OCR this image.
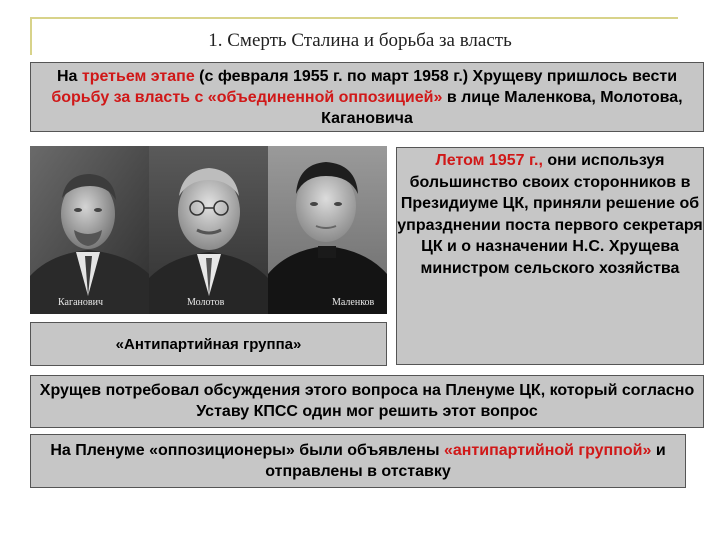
1. Смерть Сталина и борьба за власть
На третьем этапе (с февраля 1955 г. по март 1958 г.) Хрущеву пришлось вести борьбу за власть с «объединенной оппозицией» в лице Маленкова, Молотова, Кагановича
Каганович	Молотов	Маленков
Летом 1957 г., они используя большинство своих сторонников в Президиуме ЦК, приняли решение об упразднении поста первого секретаря ЦК и о назначении Н.С. Хрущева министром сельского хозяйства
«Антипартийная группа»
Хрущев потребовал обсуждения этого вопроса на Пленуме ЦК, который согласно Уставу КПСС один мог решить этот вопрос
На Пленуме «оппозиционеры» были объявлены «антипартийной группой» и отправлены в отставку
